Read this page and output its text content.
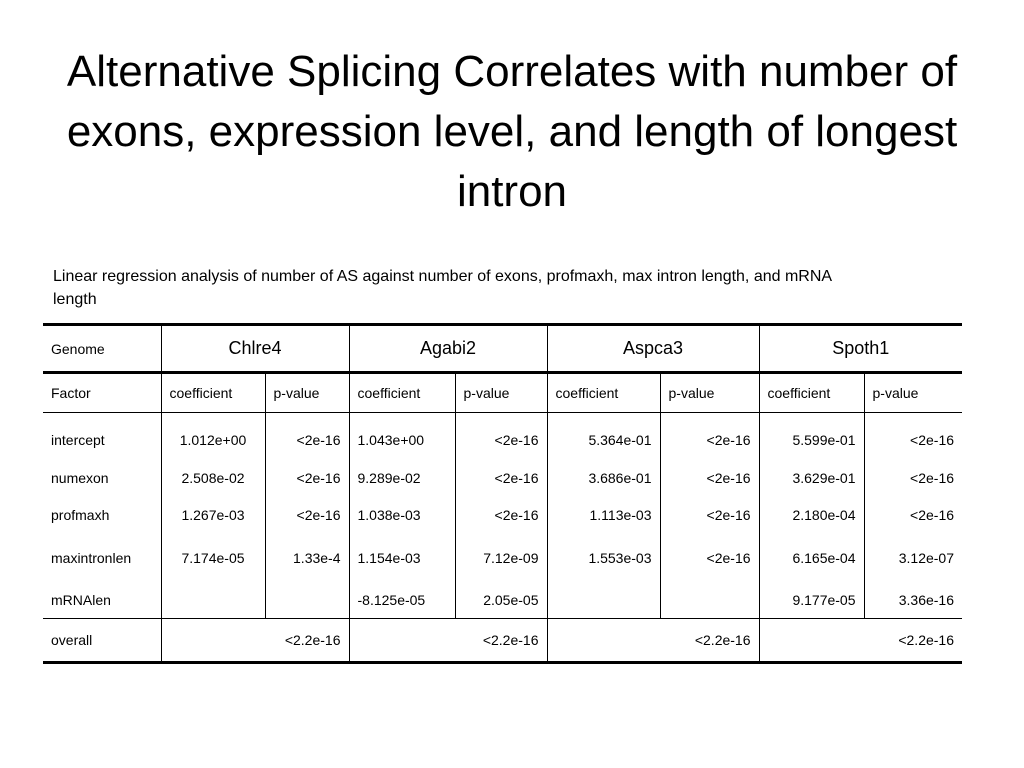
Alternative Splicing Correlates with number of exons, expression level, and length of longest intron
Linear regression analysis of number of AS against number of exons, profmaxh, max intron length, and mRNA length
Genome	Chlre4		Agabi2		Aspca3		Spoth1	
Factor	coefficient	p-value	coefficient	p-value	coefficient	p-value	coefficient	p-value
intercept	1.012e+00	<2e-16	1.043e+00	<2e-16	5.364e-01	<2e-16	5.599e-01	<2e-16
numexon	2.508e-02	<2e-16	9.289e-02	<2e-16	3.686e-01	<2e-16	3.629e-01	<2e-16
profmaxh	1.267e-03	<2e-16	1.038e-03	<2e-16	1.113e-03	<2e-16	2.180e-04	<2e-16
maxintronlen	7.174e-05	1.33e-4	1.154e-03	7.12e-09	1.553e-03	<2e-16	6.165e-04	3.12e-07
mRNAlen			-8.125e-05	2.05e-05			9.177e-05	3.36e-16
overall	<2.2e-16		<2.2e-16		<2.2e-16		<2.2e-16	
